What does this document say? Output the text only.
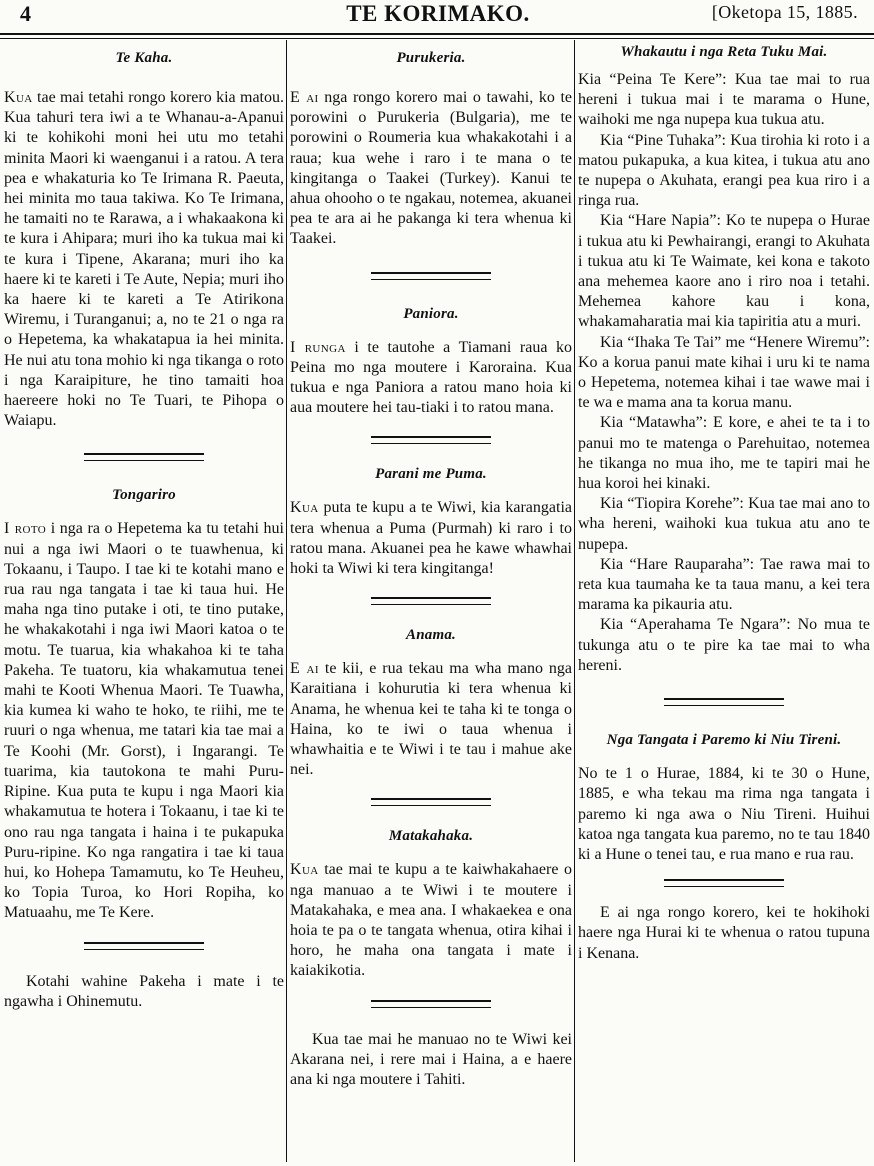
4	TE KORIMAKO.	[Oketopa 15, 1885.
Te Kaha.

Kua tae mai tetahi rongo korero kia matou. Kua tahuri tera iwi a te Whanau-a-Apanui ki te kohikohi moni hei utu mo tetahi minita Maori ki waenganui i a ratou. A tera pea e whakaturia ko Te Irimana R. Paeuta, hei minita mo taua takiwa. Ko Te Irimana, he tamaiti no te Rarawa, a i whakaakona ki te kura i Ahipara; muri iho ka tukua mai ki te kura i Tipene, Akarana; muri iho ka haere ki te kareti i Te Aute, Nepia; muri iho ka haere ki te kareti a Te Atirikona Wiremu, i Turanganui; a, no te 21 o nga ra o Hepetema, ka whakatapua ia hei minita. He nui atu tona mohio ki nga tikanga o roto i nga Karaipiture, he tino tamaiti hoa haereere hoki no Te Tuari, te Pihopa o Waiapu.

Tongariro

I roto i nga ra o Hepetema ka tu tetahi hui nui a nga iwi Maori o te tuawhenua, ki Tokaanu, i Taupo. I tae ki te kotahi mano e rua rau nga tangata i tae ki taua hui. He maha nga tino putake i oti, te tino putake, he whakakotahi i nga iwi Maori katoa o te motu. Te tuarua, kia whakahoa ki te taha Pakeha. Te tuatoru, kia whakamutua tenei mahi te Kooti Whenua Maori. Te Tuawha, kia kumea ki waho te hoko, te riihi, me te ruuri o nga whenua, me tatari kia tae mai a Te Koohi (Mr. Gorst), i Ingarangi. Te tuarima, kia tautokona te mahi Puru-Ripine. Kua puta te kupu i nga Maori kia whakamutua te hotera i Tokaanu, i tae ki te ono rau nga tangata i haina i te pukapuka Puru-ripine. Ko nga rangatira i tae ki taua hui, ko Hohepa Tamamutu, ko Te Heuheu, ko Topia Turoa, ko Hori Ropiha, ko Matuaahu, me Te Kere.

Kotahi wahine Pakeha i mate i te ngawha i Ohinemutu.

Purukeria.

E ai nga rongo korero mai o tawahi, ko te porowini o Purukeria (Bulgaria), me te porowini o Roumeria kua whakakotahi i a raua; kua wehe i raro i te mana o te kingitanga o Taakei (Turkey). Kanui te ahua ohooho o te ngakau, notemea, akuanei pea te ara ai he pakanga ki tera whenua ki Taakei.

Paniora.

I runga i te tautohe a Tiamani raua ko Peina mo nga moutere i Karoraina. Kua tukua e nga Paniora a ratou mano hoia ki aua moutere hei tau-tiaki i to ratou mana.

Parani me Puma.

Kua puta te kupu a te Wiwi, kia karangatia tera whenua a Puma (Purmah) ki raro i to ratou mana. Akuanei pea he kawe whawhai hoki ta Wiwi ki tera kingitanga!

Anama.

E ai te kii, e rua tekau ma wha mano nga Karaitiana i kohurutia ki tera whenua ki Anama, he whenua kei te taha ki te tonga o Haina, ko te iwi o taua whenua i whawhaitia e te Wiwi i te tau i mahue ake nei.

Matakahaka.

Kua tae mai te kupu a te kaiwhakahaere o nga manuao a te Wiwi i te moutere i Matakahaka, e mea ana. I whakaekea e ona hoia te pa o te tangata whenua, otira kihai i horo, he maha ona tangata i mate i kaiakikotia.

Kua tae mai he manuao no te Wiwi kei Akarana nei, i rere mai i Haina, a e haere ana ki nga moutere i Tahiti.

Whakautu i nga Reta Tuku Mai.

Kia “Peina Te Kere”: Kua tae mai to rua hereni i tukua mai i te marama o Hune, waihoki me nga nupepa kua tukua atu.

Kia “Pine Tuhaka”: Kua tirohia ki roto i a matou pukapuka, a kua kitea, i tukua atu ano te nupepa o Akuhata, erangi pea kua riro i a ringa rua.

Kia “Hare Napia”: Ko te nupepa o Hurae i tukua atu ki Pewhairangi, erangi to Akuhata i tukua atu ki Te Waimate, kei kona e takoto ana mehemea kaore ano i riro noa i tetahi. Mehemea kahore kau i kona, whakamaharatia mai kia tapiritia atu a muri.

Kia “Ihaka Te Tai” me “Henere Wiremu”: Ko a korua panui mate kihai i uru ki te nama o Hepetema, notemea kihai i tae wawe mai i te wa e mama ana ta korua manu.

Kia “Matawha”: E kore, e ahei te ta i to panui mo te matenga o Parehuitao, notemea he tikanga no mua iho, me te tapiri mai he hua koroi hei kinaki.

Kia “Tiopira Korehe”: Kua tae mai ano to wha hereni, waihoki kua tukua atu ano te nupepa.

Kia “Hare Rauparaha”: Tae rawa mai to reta kua taumaha ke ta taua manu, a kei tera marama ka pikauria atu.

Kia “Aperahama Te Ngara”: No mua te tukunga atu o te pire ka tae mai to wha hereni.

Nga Tangata i Paremo ki Niu Tireni.

No te 1 o Hurae, 1884, ki te 30 o Hune, 1885, e wha tekau ma rima nga tangata i paremo ki nga awa o Niu Tireni. Huihui katoa nga tangata kua paremo, no te tau 1840 ki a Hune o tenei tau, e rua mano e rua rau.

E ai nga rongo korero, kei te hokihoki haere nga Hurai ki te whenua o ratou tupuna i Kenana.
